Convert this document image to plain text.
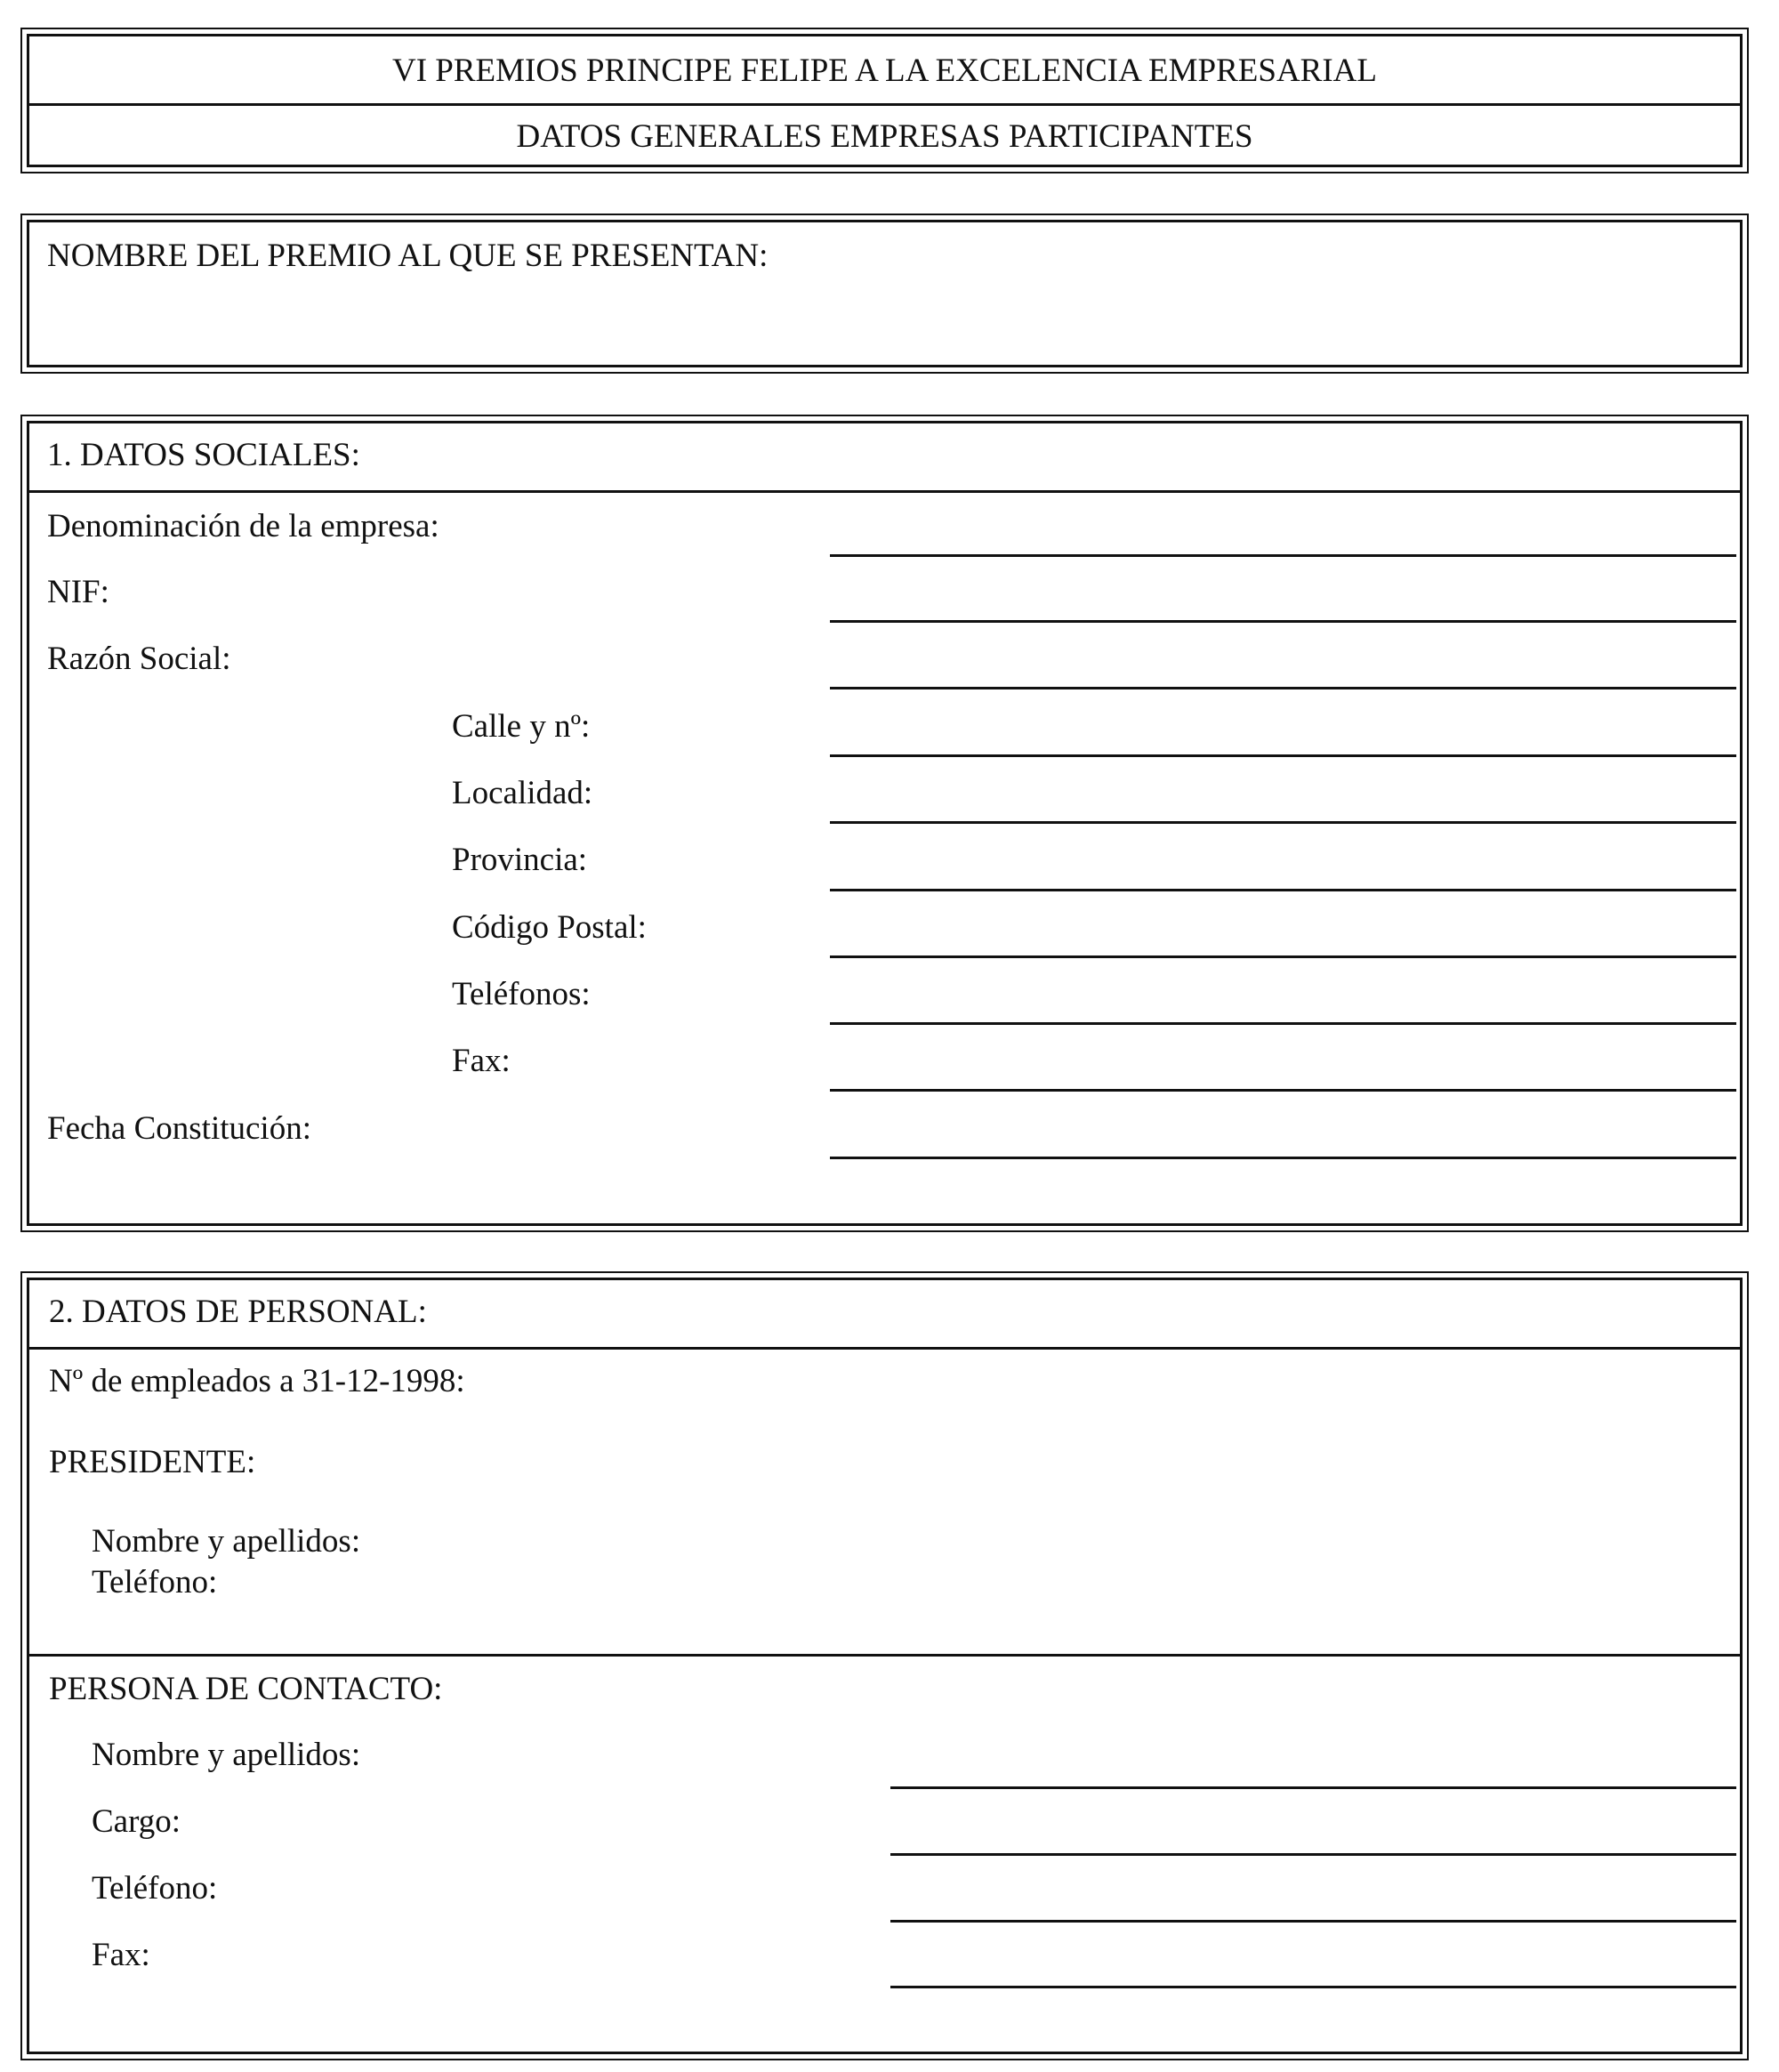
VI PREMIOS PRINCIPE FELIPE A LA EXCELENCIA EMPRESARIAL
DATOS GENERALES EMPRESAS PARTICIPANTES
NOMBRE DEL PREMIO AL QUE SE PRESENTAN:
1. DATOS SOCIALES:
Denominación de la empresa:
NIF:
Razón Social:
Calle y nº:
Localidad:
Provincia:
Código Postal:
Teléfonos:
Fax:
Fecha Constitución:
2. DATOS DE PERSONAL:
Nº de empleados a 31-12-1998:
PRESIDENTE:
Nombre y apellidos:
Teléfono:
PERSONA DE CONTACTO:
Nombre y apellidos:
Cargo:
Teléfono:
Fax:
